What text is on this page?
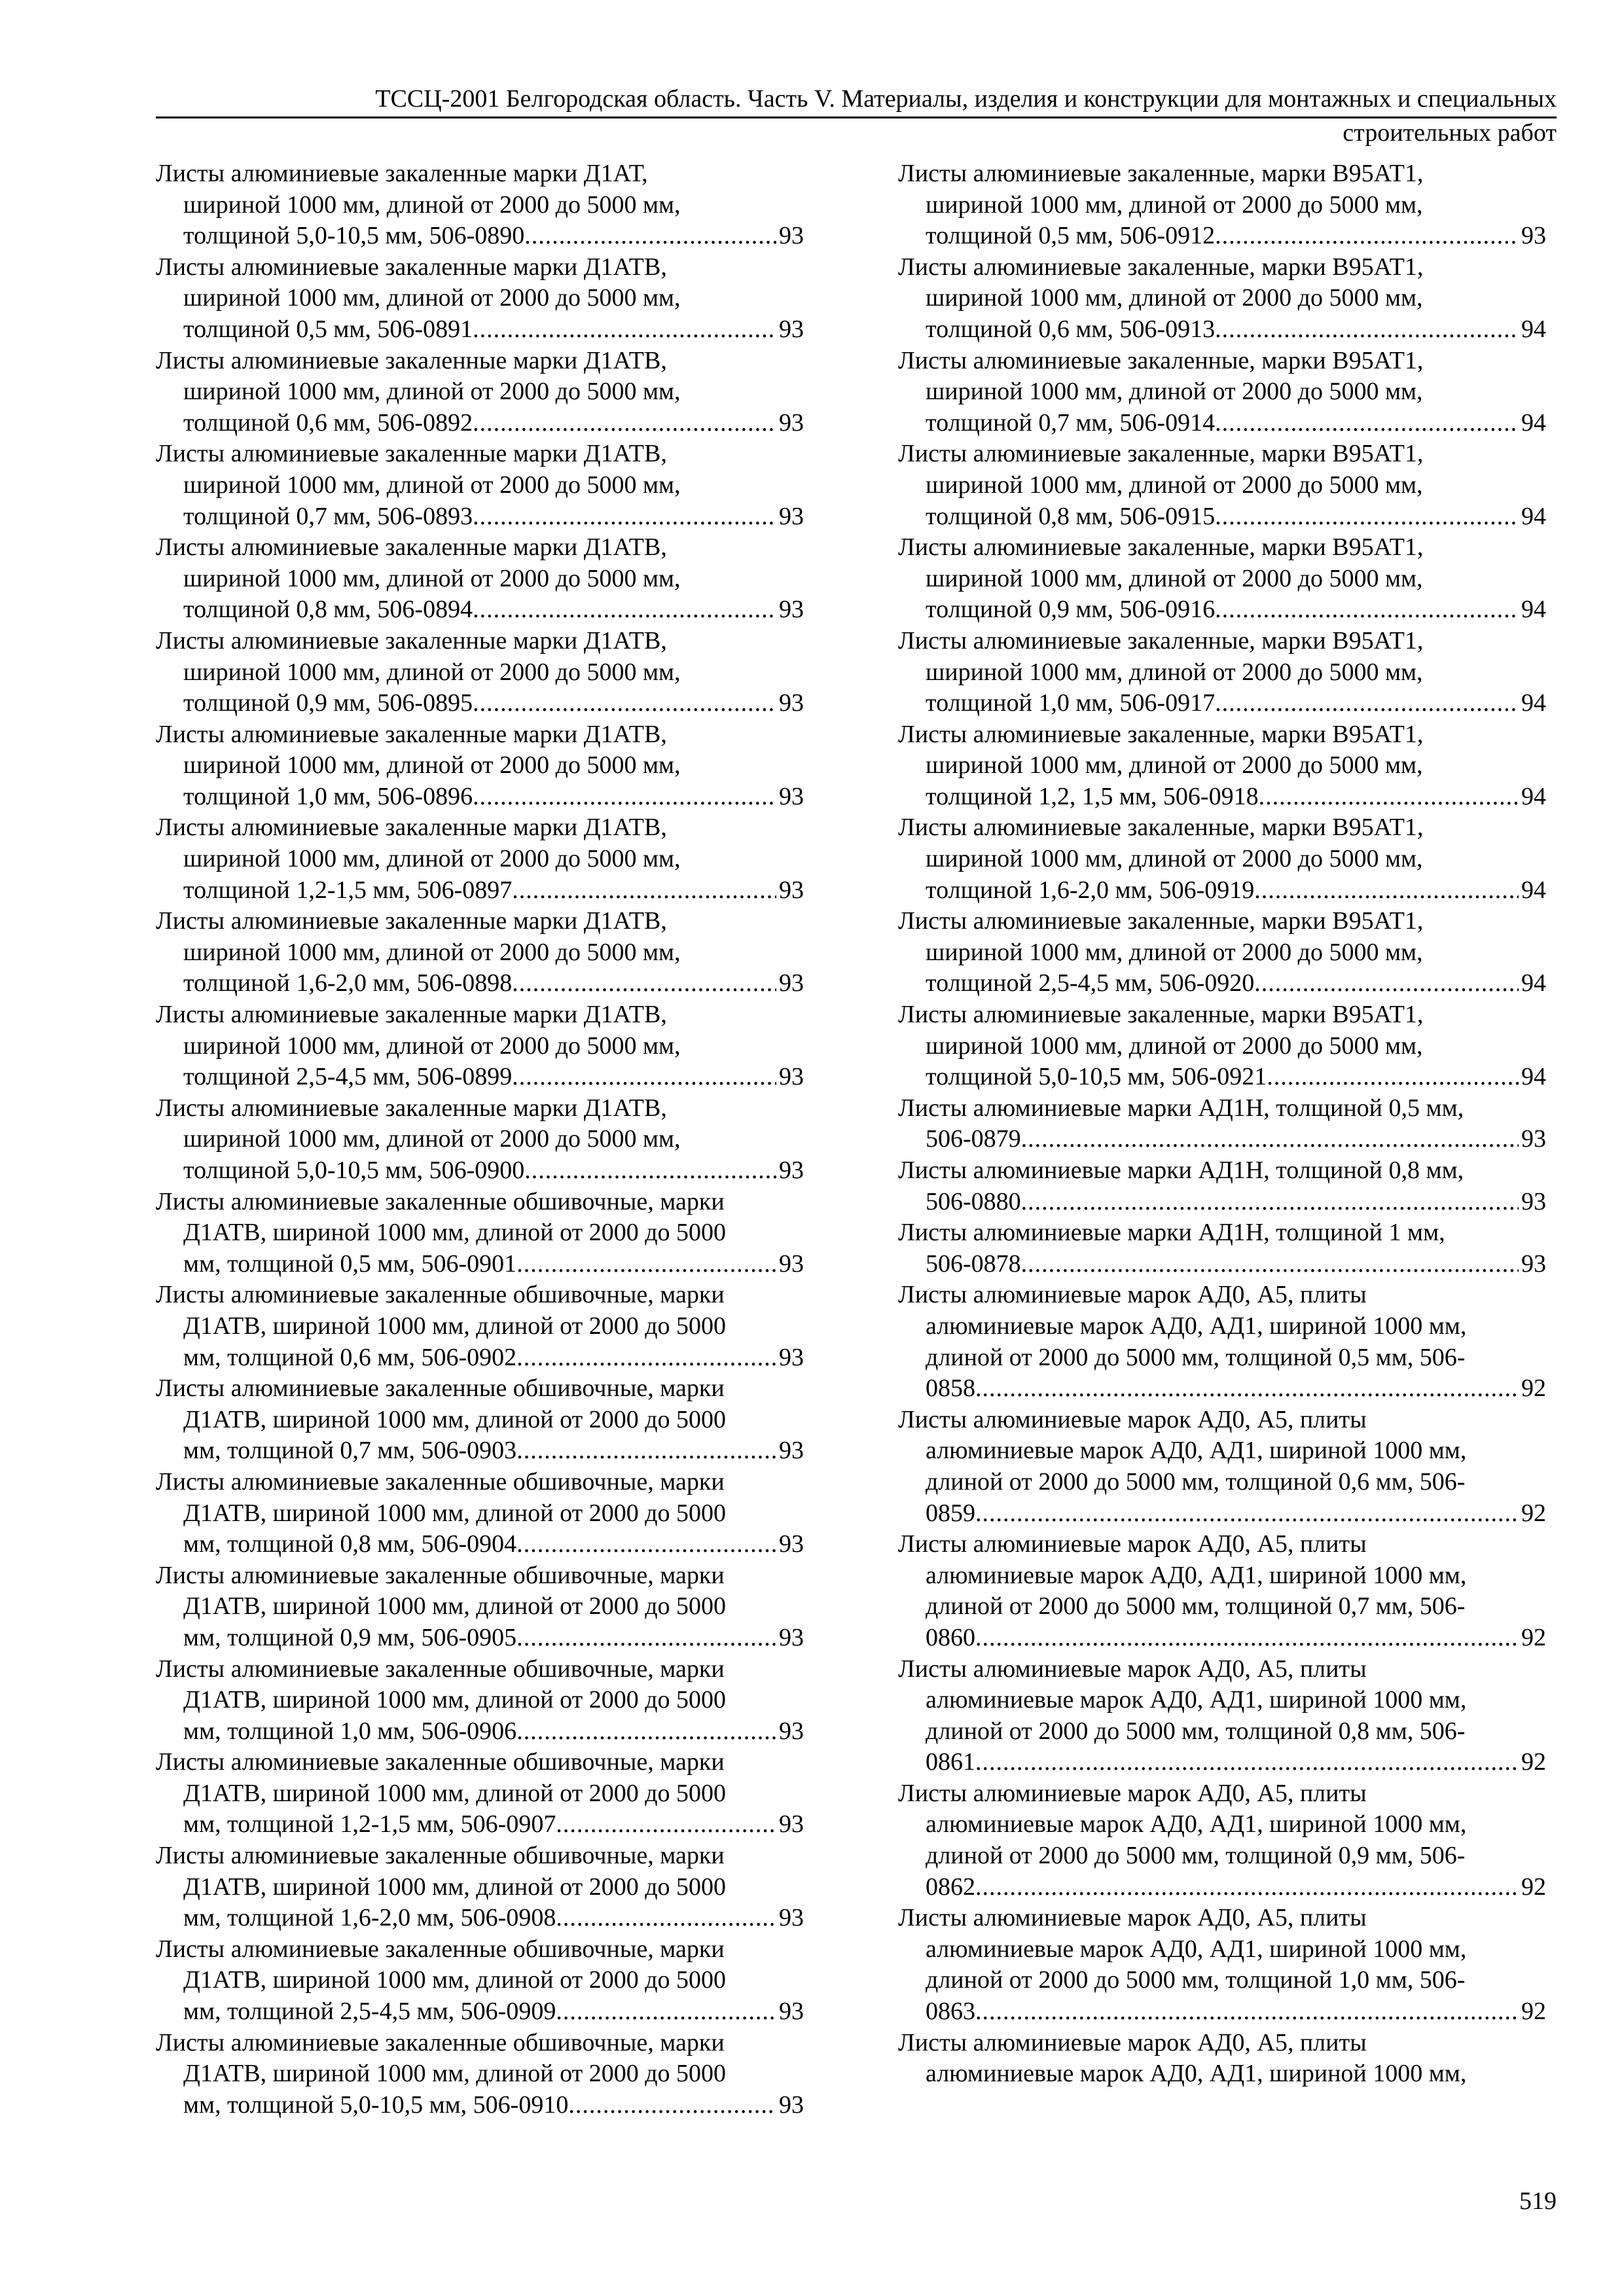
ТССЦ-2001 Белгородская область. Часть V. Материалы, изделия и конструкции для монтажных и специальных
строительных работ
Листы алюминиевые закаленные марки Д1АТ,
шириной 1000 мм, длиной от 2000 до 5000 мм,
толщиной 5,0-10,5 мм, 506-0890 .....	93
Листы алюминиевые закаленные марки Д1АТВ,
шириной 1000 мм, длиной от 2000 до 5000 мм,
толщиной 0,5 мм, 506-0891 .....	93
Листы алюминиевые закаленные марки Д1АТВ,
шириной 1000 мм, длиной от 2000 до 5000 мм,
толщиной 0,6 мм, 506-0892 .....	93
Листы алюминиевые закаленные марки Д1АТВ,
шириной 1000 мм, длиной от 2000 до 5000 мм,
толщиной 0,7 мм, 506-0893 .....	93
Листы алюминиевые закаленные марки Д1АТВ,
шириной 1000 мм, длиной от 2000 до 5000 мм,
толщиной 0,8 мм, 506-0894 .....	93
Листы алюминиевые закаленные марки Д1АТВ,
шириной 1000 мм, длиной от 2000 до 5000 мм,
толщиной 0,9 мм, 506-0895 .....	93
Листы алюминиевые закаленные марки Д1АТВ,
шириной 1000 мм, длиной от 2000 до 5000 мм,
толщиной 1,0 мм, 506-0896 .....	93
Листы алюминиевые закаленные марки Д1АТВ,
шириной 1000 мм, длиной от 2000 до 5000 мм,
толщиной 1,2-1,5 мм, 506-0897 .....	93
Листы алюминиевые закаленные марки Д1АТВ,
шириной 1000 мм, длиной от 2000 до 5000 мм,
толщиной 1,6-2,0 мм, 506-0898 .....	93
Листы алюминиевые закаленные марки Д1АТВ,
шириной 1000 мм, длиной от 2000 до 5000 мм,
толщиной 2,5-4,5 мм, 506-0899 .....	93
Листы алюминиевые закаленные марки Д1АТВ,
шириной 1000 мм, длиной от 2000 до 5000 мм,
толщиной 5,0-10,5 мм, 506-0900 .....	93
Листы алюминиевые закаленные обшивочные, марки
Д1АТВ, шириной 1000 мм, длиной от 2000 до 5000
мм, толщиной 0,5 мм, 506-0901 .....	93
Листы алюминиевые закаленные обшивочные, марки
Д1АТВ, шириной 1000 мм, длиной от 2000 до 5000
мм, толщиной 0,6 мм, 506-0902 .....	93
Листы алюминиевые закаленные обшивочные, марки
Д1АТВ, шириной 1000 мм, длиной от 2000 до 5000
мм, толщиной 0,7 мм, 506-0903 .....	93
Листы алюминиевые закаленные обшивочные, марки
Д1АТВ, шириной 1000 мм, длиной от 2000 до 5000
мм, толщиной 0,8 мм, 506-0904 .....	93
Листы алюминиевые закаленные обшивочные, марки
Д1АТВ, шириной 1000 мм, длиной от 2000 до 5000
мм, толщиной 0,9 мм, 506-0905 .....	93
Листы алюминиевые закаленные обшивочные, марки
Д1АТВ, шириной 1000 мм, длиной от 2000 до 5000
мм, толщиной 1,0 мм, 506-0906 .....	93
Листы алюминиевые закаленные обшивочные, марки
Д1АТВ, шириной 1000 мм, длиной от 2000 до 5000
мм, толщиной 1,2-1,5 мм, 506-0907 .....	93
Листы алюминиевые закаленные обшивочные, марки
Д1АТВ, шириной 1000 мм, длиной от 2000 до 5000
мм, толщиной 1,6-2,0 мм, 506-0908 .....	93
Листы алюминиевые закаленные обшивочные, марки
Д1АТВ, шириной 1000 мм, длиной от 2000 до 5000
мм, толщиной 2,5-4,5 мм, 506-0909 .....	93
Листы алюминиевые закаленные обшивочные, марки
Д1АТВ, шириной 1000 мм, длиной от 2000 до 5000
мм, толщиной 5,0-10,5 мм, 506-0910 .....	93
Листы алюминиевые закаленные, марки В95АТ1,
шириной 1000 мм, длиной от 2000 до 5000 мм,
толщиной 0,5 мм, 506-0912 .....	93
Листы алюминиевые закаленные, марки В95АТ1,
шириной 1000 мм, длиной от 2000 до 5000 мм,
толщиной 0,6 мм, 506-0913 .....	94
Листы алюминиевые закаленные, марки В95АТ1,
шириной 1000 мм, длиной от 2000 до 5000 мм,
толщиной 0,7 мм, 506-0914 .....	94
Листы алюминиевые закаленные, марки В95АТ1,
шириной 1000 мм, длиной от 2000 до 5000 мм,
толщиной 0,8 мм, 506-0915 .....	94
Листы алюминиевые закаленные, марки В95АТ1,
шириной 1000 мм, длиной от 2000 до 5000 мм,
толщиной 0,9 мм, 506-0916 .....	94
Листы алюминиевые закаленные, марки В95АТ1,
шириной 1000 мм, длиной от 2000 до 5000 мм,
толщиной 1,0 мм, 506-0917 .....	94
Листы алюминиевые закаленные, марки В95АТ1,
шириной 1000 мм, длиной от 2000 до 5000 мм,
толщиной 1,2, 1,5 мм, 506-0918 .....	94
Листы алюминиевые закаленные, марки В95АТ1,
шириной 1000 мм, длиной от 2000 до 5000 мм,
толщиной 1,6-2,0 мм, 506-0919 .....	94
Листы алюминиевые закаленные, марки В95АТ1,
шириной 1000 мм, длиной от 2000 до 5000 мм,
толщиной 2,5-4,5 мм, 506-0920 .....	94
Листы алюминиевые закаленные, марки В95АТ1,
шириной 1000 мм, длиной от 2000 до 5000 мм,
толщиной 5,0-10,5 мм, 506-0921 .....	94
Листы алюминиевые марки АД1Н, толщиной 0,5 мм,
506-0879 .....	93
Листы алюминиевые марки АД1Н, толщиной 0,8 мм,
506-0880 .....	93
Листы алюминиевые марки АД1Н, толщиной 1 мм,
506-0878 .....	93
Листы алюминиевые марок АД0, А5, плиты
алюминиевые марок АД0, АД1, шириной 1000 мм,
длиной от 2000 до 5000 мм, толщиной 0,5 мм, 506-
0858 .....	92
Листы алюминиевые марок АД0, А5, плиты
алюминиевые марок АД0, АД1, шириной 1000 мм,
длиной от 2000 до 5000 мм, толщиной 0,6 мм, 506-
0859 .....	92
Листы алюминиевые марок АД0, А5, плиты
алюминиевые марок АД0, АД1, шириной 1000 мм,
длиной от 2000 до 5000 мм, толщиной 0,7 мм, 506-
0860 .....	92
Листы алюминиевые марок АД0, А5, плиты
алюминиевые марок АД0, АД1, шириной 1000 мм,
длиной от 2000 до 5000 мм, толщиной 0,8 мм, 506-
0861 .....	92
Листы алюминиевые марок АД0, А5, плиты
алюминиевые марок АД0, АД1, шириной 1000 мм,
длиной от 2000 до 5000 мм, толщиной 0,9 мм, 506-
0862 .....	92
Листы алюминиевые марок АД0, А5, плиты
алюминиевые марок АД0, АД1, шириной 1000 мм,
длиной от 2000 до 5000 мм, толщиной 1,0 мм, 506-
0863 .....	92
Листы алюминиевые марок АД0, А5, плиты
алюминиевые марок АД0, АД1, шириной 1000 мм,
519
